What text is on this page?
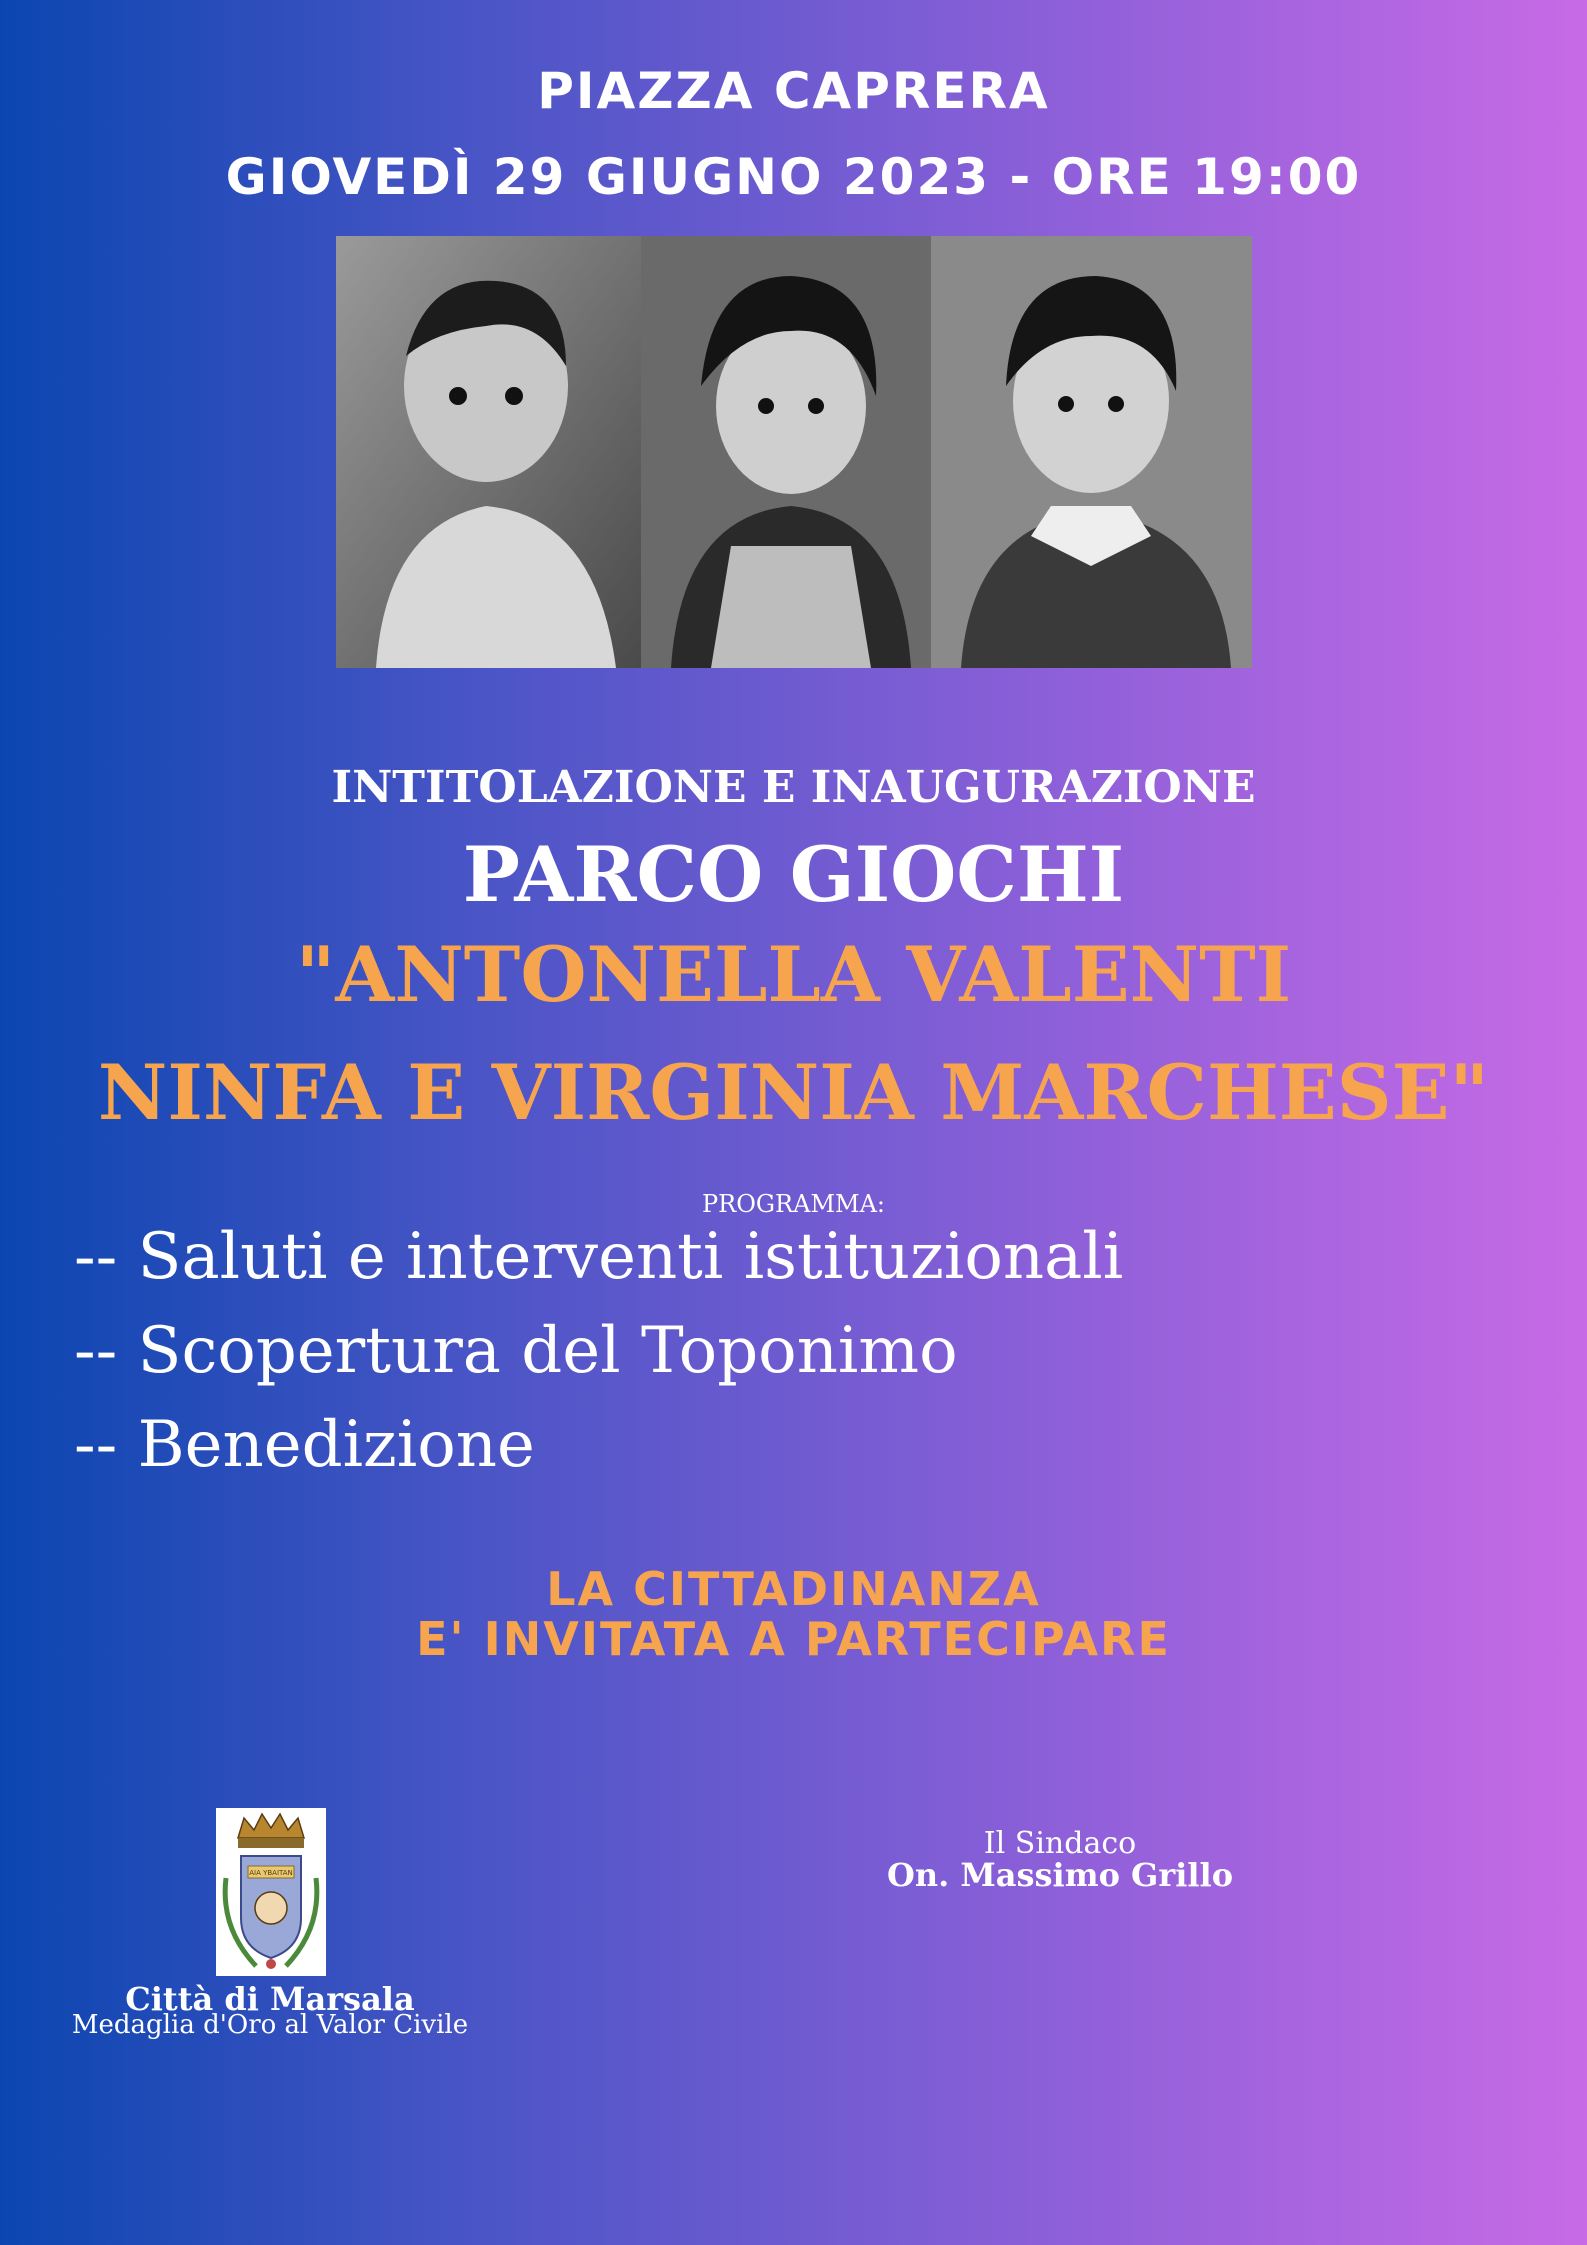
PIAZZA CAPRERA
GIOVEDÌ 29 GIUGNO 2023 - ORE 19:00
INTITOLAZIONE E INAUGURAZIONE
PARCO GIOCHI
"ANTONELLA VALENTI
NINFA E VIRGINIA MARCHESE"
PROGRAMMA:
-- Saluti e interventi istituzionali
-- Scopertura del Toponimo
-- Benedizione
LA CITTADINANZA
E' INVITATA A PARTECIPARE
AIA YBAITAN
Città di Marsala
Medaglia d'Oro al Valor Civile
Il Sindaco
On. Massimo Grillo
